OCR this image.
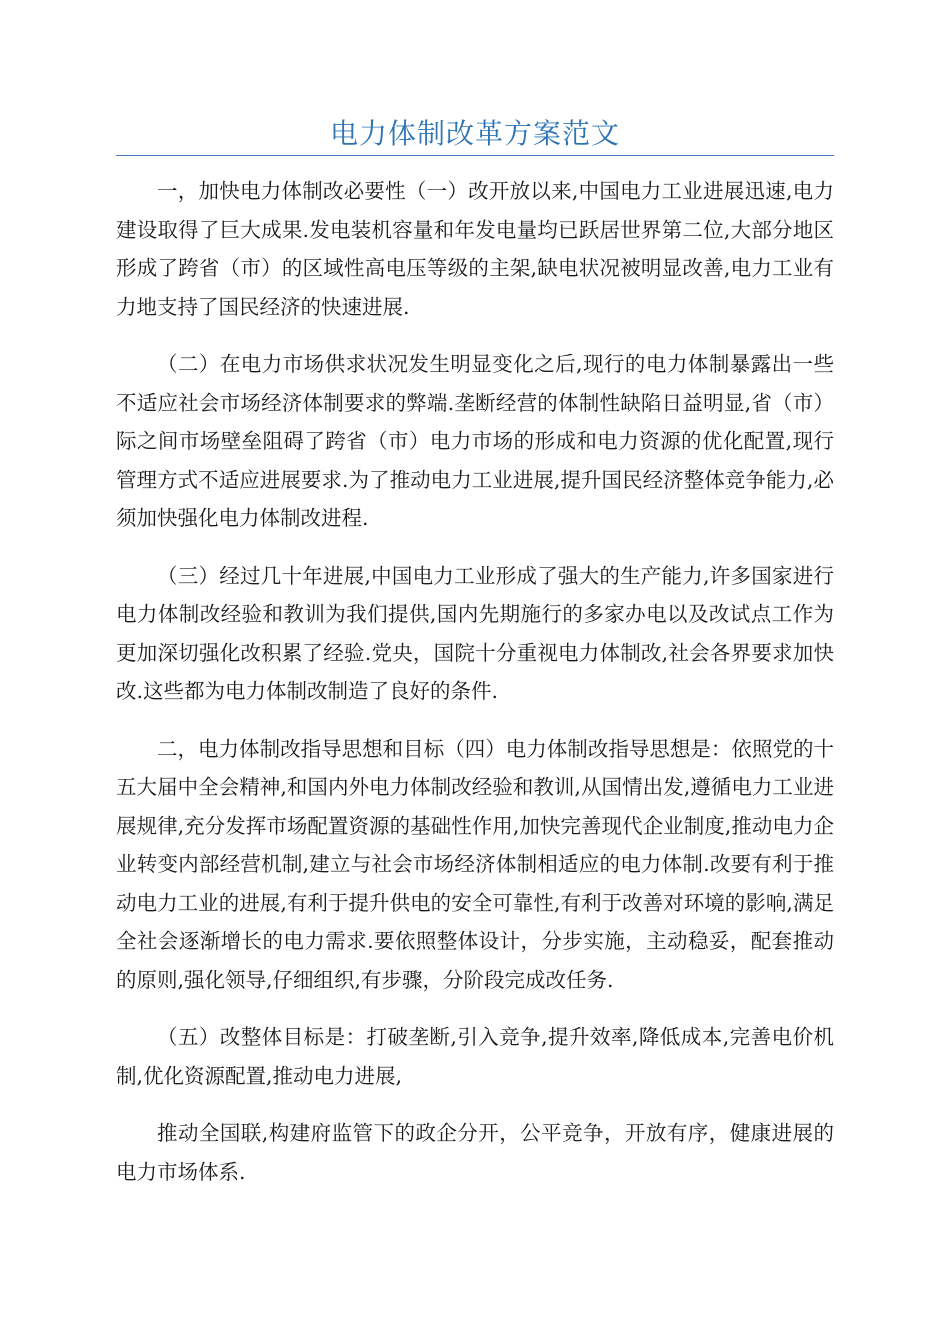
电力体制改革方案范文

一，加快电力体制改必要性（一）改开放以来,中国电力工业进展迅速,电力建设取得了巨大成果.发电装机容量和年发电量均已跃居世界第二位,大部分地区形成了跨省（市）的区域性高电压等级的主架,缺电状况被明显改善,电力工业有力地支持了国民经济的快速进展.

（二）在电力市场供求状况发生明显变化之后,现行的电力体制暴露出一些不适应社会市场经济体制要求的弊端.垄断经营的体制性缺陷日益明显,省（市）际之间市场壁垒阻碍了跨省（市）电力市场的形成和电力资源的优化配置,现行管理方式不适应进展要求.为了推动电力工业进展,提升国民经济整体竞争能力,必须加快强化电力体制改进程.

（三）经过几十年进展,中国电力工业形成了强大的生产能力,许多国家进行电力体制改经验和教训为我们提供,国内先期施行的多家办电以及改试点工作为更加深切强化改积累了经验.党央，国院十分重视电力体制改,社会各界要求加快改.这些都为电力体制改制造了良好的条件.

二，电力体制改指导思想和目标（四）电力体制改指导思想是：依照党的十五大届中全会精神,和国内外电力体制改经验和教训,从国情出发,遵循电力工业进展规律,充分发挥市场配置资源的基础性作用,加快完善现代企业制度,推动电力企业转变内部经营机制,建立与社会市场经济体制相适应的电力体制.改要有利于推动电力工业的进展,有利于提升供电的安全可靠性,有利于改善对环境的影响,满足全社会逐渐增长的电力需求.要依照整体设计，分步实施，主动稳妥，配套推动的原则,强化领导,仔细组织,有步骤，分阶段完成改任务.

（五）改整体目标是：打破垄断,引入竞争,提升效率,降低成本,完善电价机制,优化资源配置,推动电力进展,

推动全国联,构建府监管下的政企分开，公平竞争，开放有序，健康进展的电力市场体系.
